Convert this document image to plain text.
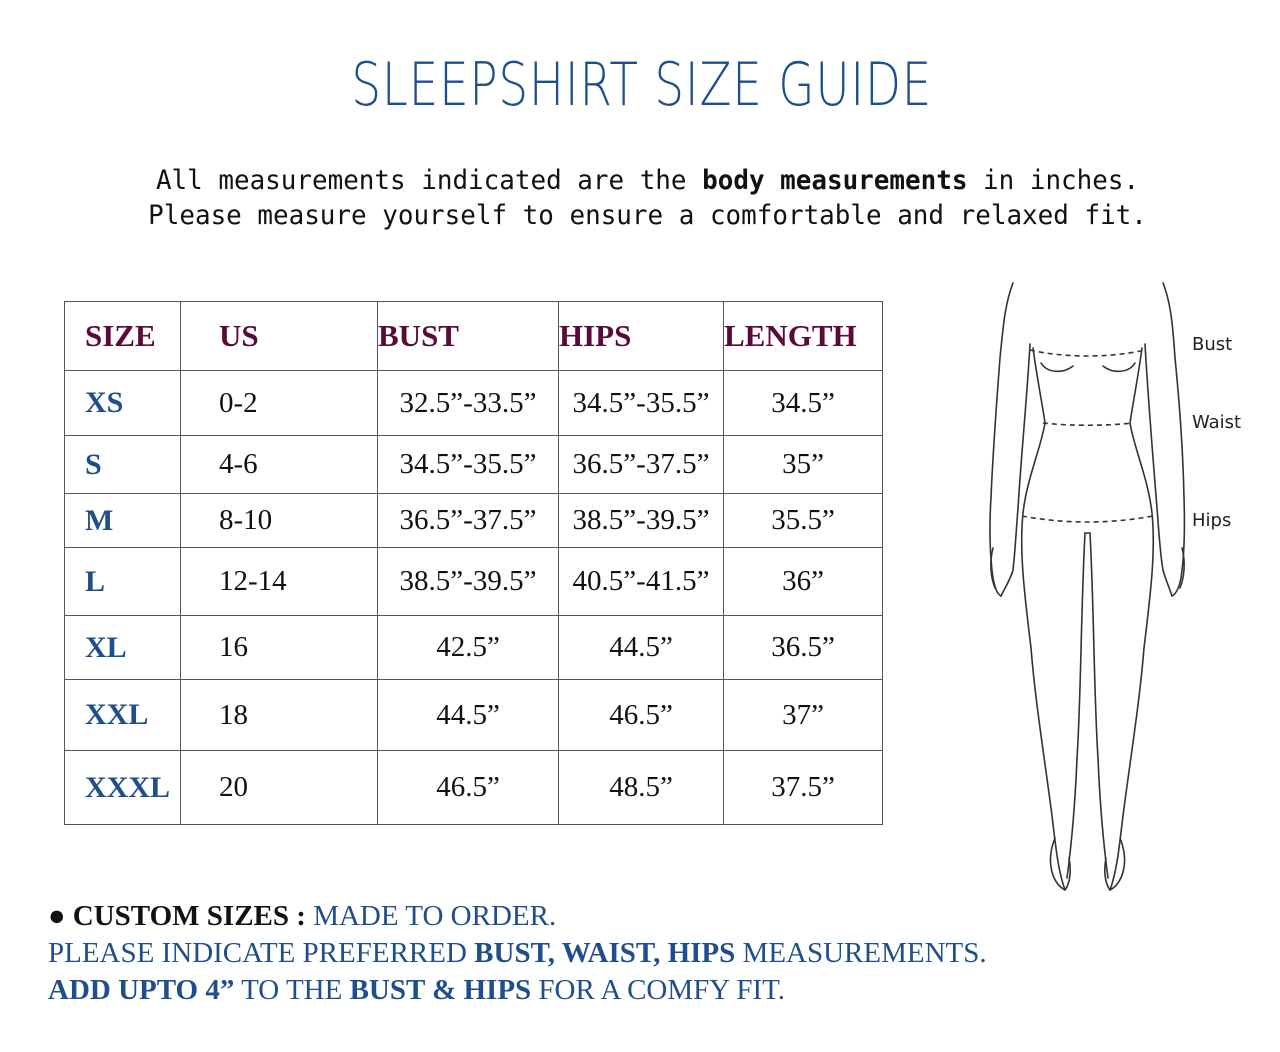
SLEEPSHIRT SIZE GUIDE
All measurements indicated are the body measurements in inches.
Please measure yourself to ensure a comfortable and relaxed fit.
SIZE	US	BUST	HIPS	LENGTH
XS	0-2	32.5”-33.5”	34.5”-35.5”	34.5”
S	4-6	34.5”-35.5”	36.5”-37.5”	35”
M	8-10	36.5”-37.5”	38.5”-39.5”	35.5”
L	12-14	38.5”-39.5”	40.5”-41.5”	36”
XL	16	42.5”	44.5”	36.5”
XXL	18	44.5”	46.5”	37”
XXXL	20	46.5”	48.5”	37.5”
Bust
Waist
Hips
● CUSTOM SIZES : MADE TO ORDER.
PLEASE INDICATE PREFERRED BUST, WAIST, HIPS MEASUREMENTS.
ADD UPTO 4” TO THE BUST & HIPS FOR A COMFY FIT.
